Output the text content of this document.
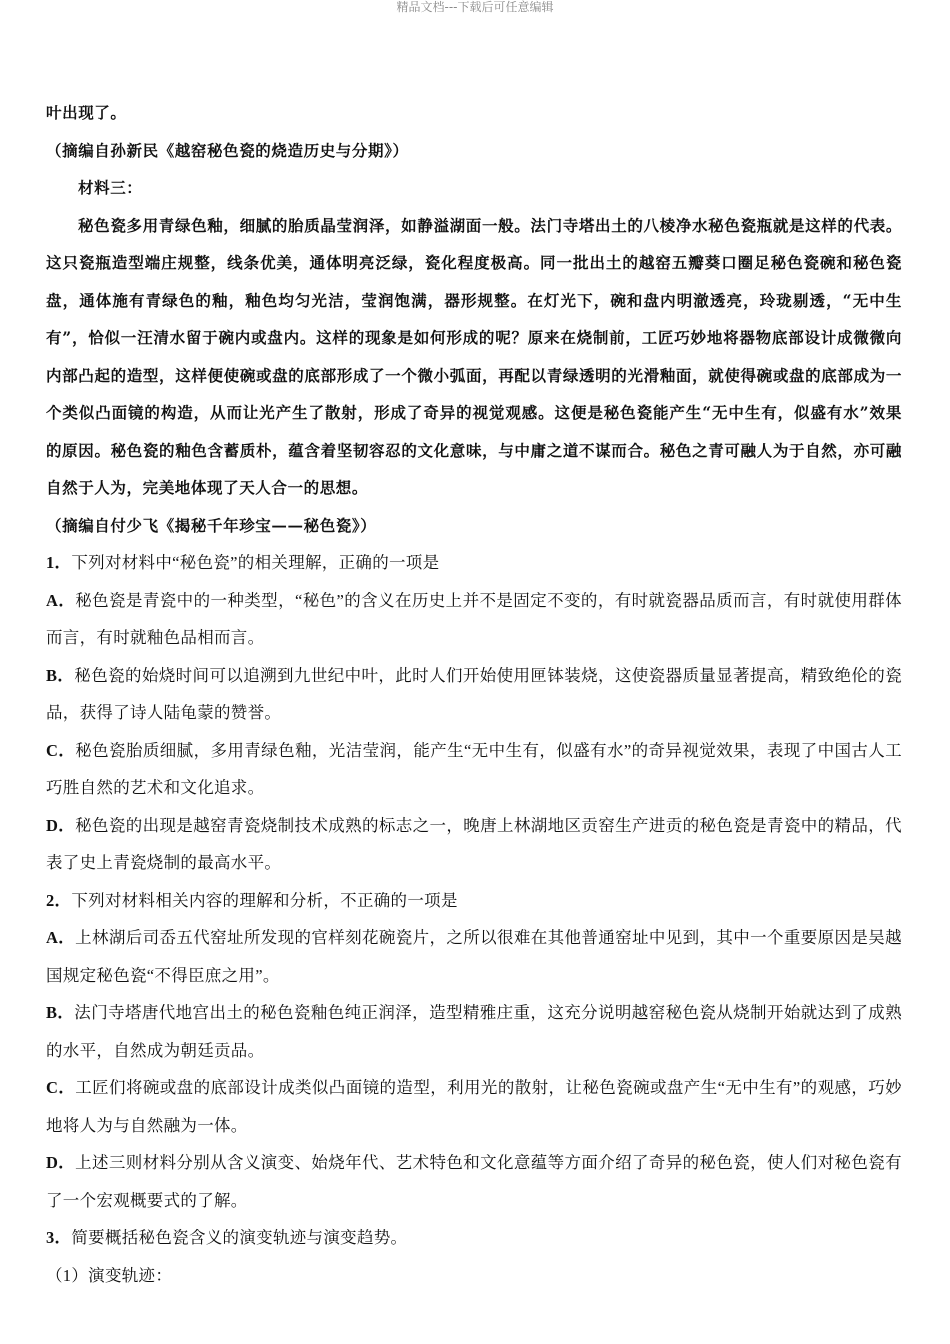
精品文档---下载后可任意编辑

叶出现了。

（摘编自孙新民《越窑秘色瓷的烧造历史与分期》）

材料三：

秘色瓷多用青绿色釉，细腻的胎质晶莹润泽，如静溢湖面一般。法门寺塔出土的八棱净水秘色瓷瓶就是这样的代表。这只瓷瓶造型端庄规整，线条优美，通体明亮泛绿，瓷化程度极高。同一批出土的越窑五瓣葵口圈足秘色瓷碗和秘色瓷盘，通体施有青绿色的釉，釉色均匀光洁，莹润饱满，器形规整。在灯光下，碗和盘内明澈透亮，玲珑剔透，“无中生有”，恰似一汪清水留于碗内或盘内。这样的现象是如何形成的呢？原来在烧制前，工匠巧妙地将器物底部设计成微微向内部凸起的造型，这样便使碗或盘的底部形成了一个微小弧面，再配以青绿透明的光滑釉面，就使得碗或盘的底部成为一个类似凸面镜的构造，从而让光产生了散射，形成了奇异的视觉观感。这便是秘色瓷能产生“无中生有，似盛有水”效果的原因。秘色瓷的釉色含蓄质朴，蕴含着坚韧容忍的文化意味，与中庸之道不谋而合。秘色之青可融人为于自然，亦可融自然于人为，完美地体现了天人合一的思想。

（摘编自付少飞《揭秘千年珍宝——秘色瓷》）

1．下列对材料中“秘色瓷”的相关理解，正确的一项是

A．秘色瓷是青瓷中的一种类型，“秘色”的含义在历史上并不是固定不变的，有时就瓷器品质而言，有时就使用群体而言，有时就釉色品相而言。

B．秘色瓷的始烧时间可以追溯到九世纪中叶，此时人们开始使用匣钵装烧，这使瓷器质量显著提高，精致绝伦的瓷品，获得了诗人陆龟蒙的赞誉。

C．秘色瓷胎质细腻，多用青绿色釉，光洁莹润，能产生“无中生有，似盛有水”的奇异视觉效果，表现了中国古人工巧胜自然的艺术和文化追求。

D．秘色瓷的出现是越窑青瓷烧制技术成熟的标志之一，晚唐上林湖地区贡窑生产进贡的秘色瓷是青瓷中的精品，代表了史上青瓷烧制的最高水平。

2．下列对材料相关内容的理解和分析，不正确的一项是

A．上林湖后司岙五代窑址所发现的官样刻花碗瓷片，之所以很难在其他普通窑址中见到，其中一个重要原因是吴越国规定秘色瓷“不得臣庶之用”。

B．法门寺塔唐代地宫出土的秘色瓷釉色纯正润泽，造型精雅庄重，这充分说明越窑秘色瓷从烧制开始就达到了成熟的水平，自然成为朝廷贡品。

C．工匠们将碗或盘的底部设计成类似凸面镜的造型，利用光的散射，让秘色瓷碗或盘产生“无中生有”的观感，巧妙地将人为与自然融为一体。

D．上述三则材料分别从含义演变、始烧年代、艺术特色和文化意蕴等方面介绍了奇异的秘色瓷，使人们对秘色瓷有了一个宏观概要式的了解。

3．简要概括秘色瓷含义的演变轨迹与演变趋势。

（1）演变轨迹：
